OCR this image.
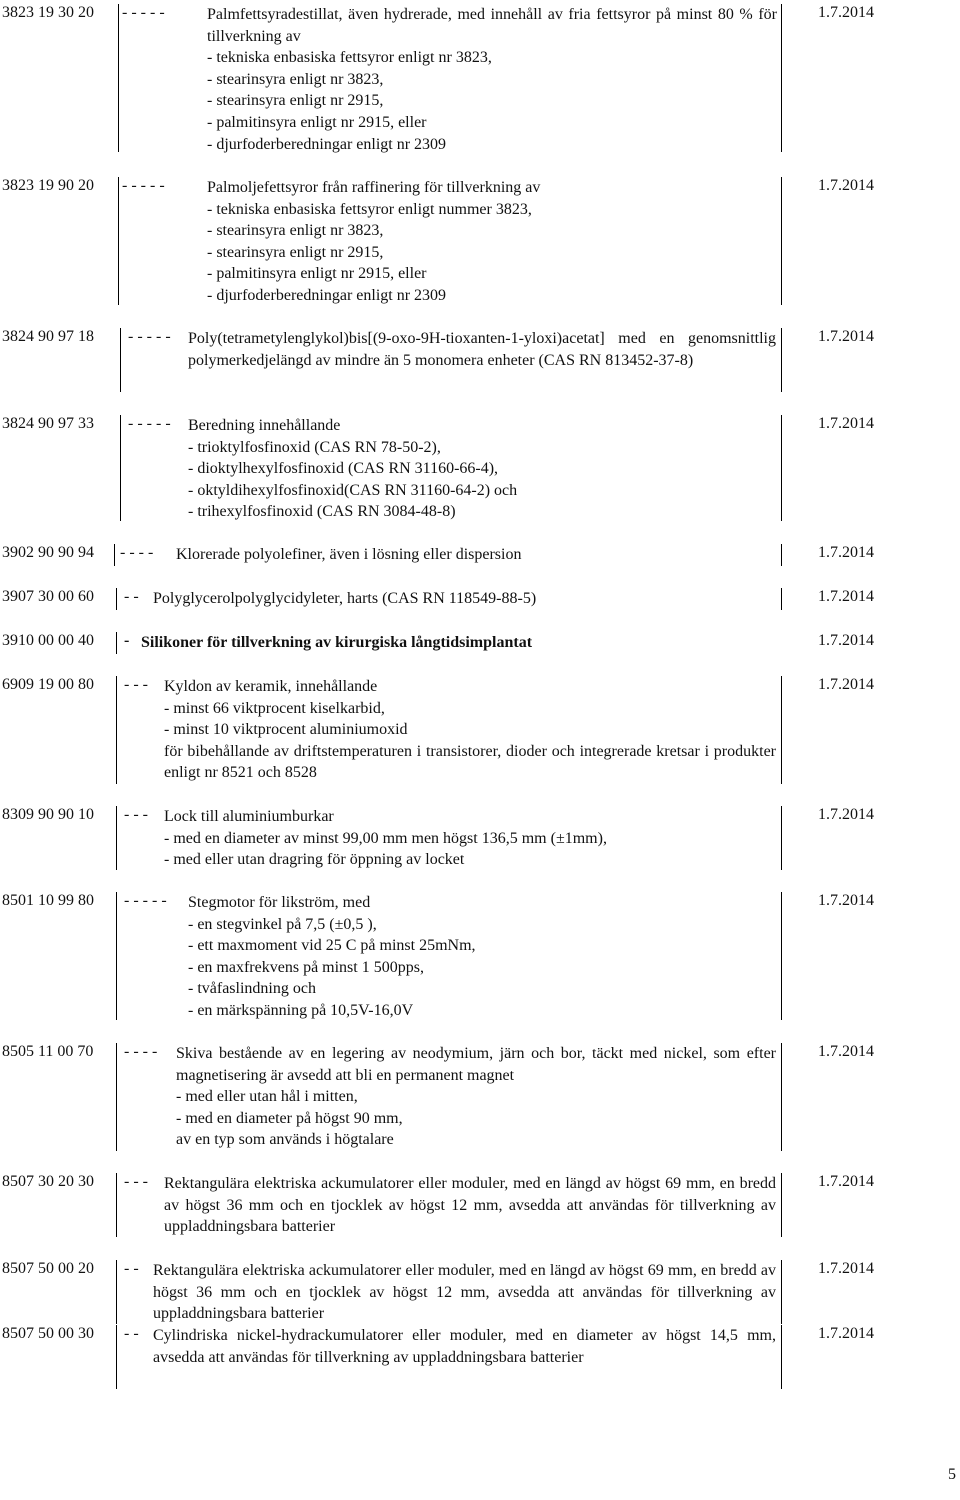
3823 19 30 20 - - - - -	Palmfettsyradestillat, även hydrerade, med innehåll av fria fettsyror på minst 80 % för tillverkning av
- tekniska enbasiska fettsyror enligt nr 3823,
- stearinsyra enligt nr 3823,
- stearinsyra enligt nr 2915,
- palmitinsyra enligt nr 2915, eller
- djurfoderberedningar enligt nr 2309
1.7.2014
3823 19 90 20 - - - - -	Palmoljefettsyror från raffinering för tillverkning av
- tekniska enbasiska fettsyror enligt nummer 3823,
- stearinsyra enligt nr 3823,
- stearinsyra enligt nr 2915,
- palmitinsyra enligt nr 2915, eller
- djurfoderberedningar enligt nr 2309
1.7.2014
3824 90 97 18 - - - - - Poly(tetrametylenglykol)bis[(9-oxo-9H-tioxanten-1-yloxi)acetat] med en genomsnittlig polymerkedjelängd av mindre än 5 monomera enheter (CAS RN 813452-37-8)
1.7.2014
3824 90 97 33 - - - - - Beredning innehållande
- trioktylfosfinoxid (CAS RN 78-50-2),
- dioktylhexylfosfinoxid (CAS RN 31160-66-4),
- oktyldihexylfosfinoxid(CAS RN 31160-64-2) och
- trihexylfosfinoxid (CAS RN 3084-48-8)
1.7.2014
3902 90 90 94 - - - - Klorerade polyolefiner, även i lösning eller dispersion	1.7.2014
3907 30 00 60 - - Polyglycerolpolyglycidyleter, harts (CAS RN 118549-88-5)	1.7.2014
3910 00 00 40 - Silikoner för tillverkning av kirurgiska långtidsimplantat	1.7.2014
6909 19 00 80 - - - Kyldon av keramik, innehållande
- minst 66 viktprocent kiselkarbid,
- minst 10 viktprocent aluminiumoxid
för bibehållande av driftstemperaturen i transistorer, dioder och integrerade kretsar i produkter enligt nr 8521 och 8528
1.7.2014
8309 90 90 10 - - - Lock till aluminiumburkar
- med en diameter av minst 99,00 mm men högst 136,5 mm (±1mm),
- med eller utan dragring för öppning av locket
1.7.2014
8501 10 99 80 - - - - - Stegmotor för likström, med
- en stegvinkel på 7,5 (±0,5 ),
- ett maxmoment vid 25 C på minst 25mNm,
- en maxfrekvens på minst 1 500pps,
- tvåfaslindning och
- en märkspänning på 10,5V-16,0V
1.7.2014
8505 11 00 70 - - - - Skiva bestående av en legering av neodymium, järn och bor, täckt med nickel, som efter magnetisering är avsedd att bli en permanent magnet
- med eller utan hål i mitten,
- med en diameter på högst 90 mm,
av en typ som används i högtalare
1.7.2014
8507 30 20 30 - - - Rektangulära elektriska ackumulatorer eller moduler, med en längd av högst 69 mm, en bredd av högst 36 mm och en tjocklek av högst 12 mm, avsedda att användas för tillverkning av uppladdningsbara batterier
1.7.2014
8507 50 00 20 - - Rektangulära elektriska ackumulatorer eller moduler, med en längd av högst 69 mm, en bredd av högst 36 mm och en tjocklek av högst 12 mm, avsedda att användas för tillverkning av uppladdningsbara batterier
1.7.2014
8507 50 00 30 - - Cylindriska nickel-hydrackumulatorer eller moduler, med en diameter av högst 14,5 mm, avsedda att användas för tillverkning av uppladdningsbara batterier
1.7.2014
5
